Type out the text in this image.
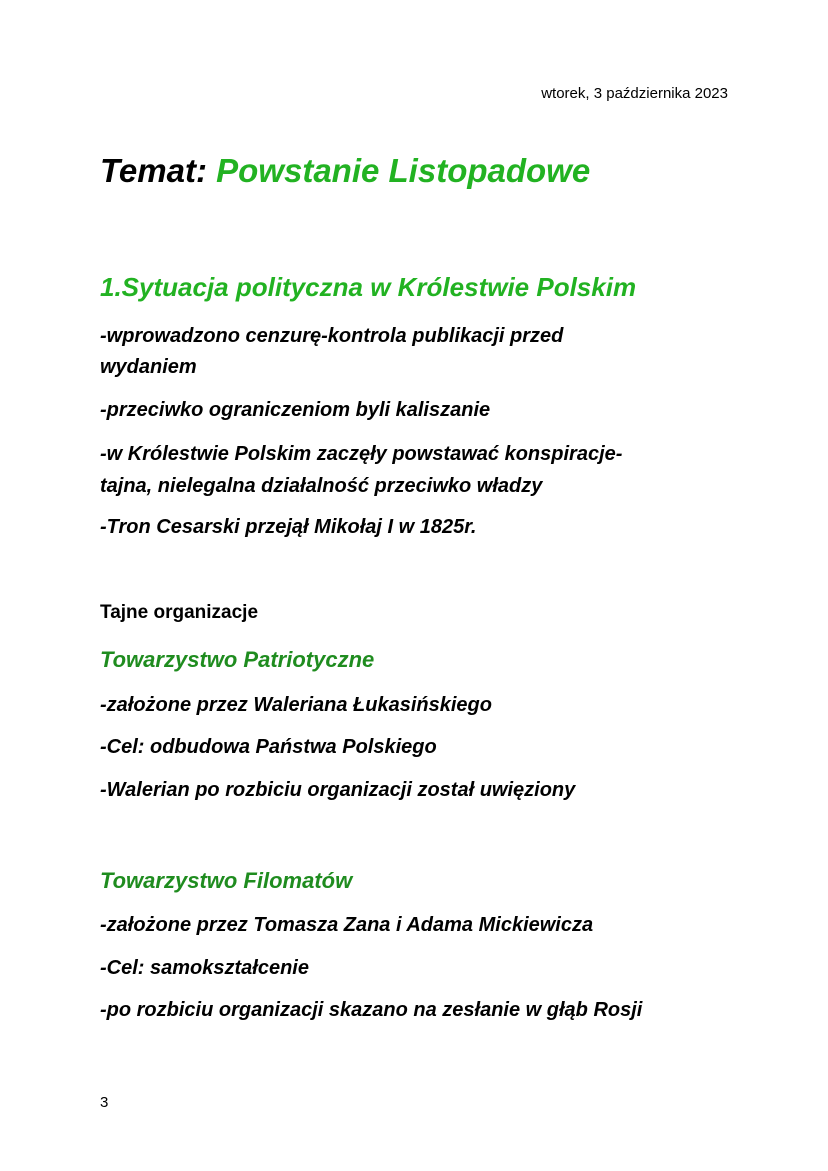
wtorek, 3 października 2023
Temat: Powstanie Listopadowe
1.Sytuacja polityczna w Królestwie Polskim
-wprowadzono cenzurę-kontrola publikacji przed
wydaniem
-przeciwko ograniczeniom byli kaliszanie
-w Królestwie Polskim zaczęły powstawać konspiracje-
tajna, nielegalna działalność przeciwko władzy
-Tron Cesarski przejął Mikołaj I w 1825r.
Tajne organizacje
Towarzystwo Patriotyczne
-założone przez Waleriana Łukasińskiego
-Cel: odbudowa Państwa Polskiego
-Walerian po rozbiciu organizacji został uwięziony
Towarzystwo Filomatów
-założone przez Tomasza Zana i Adama Mickiewicza
-Cel: samokształcenie
-po rozbiciu organizacji skazano na zesłanie w głąb Rosji
3
